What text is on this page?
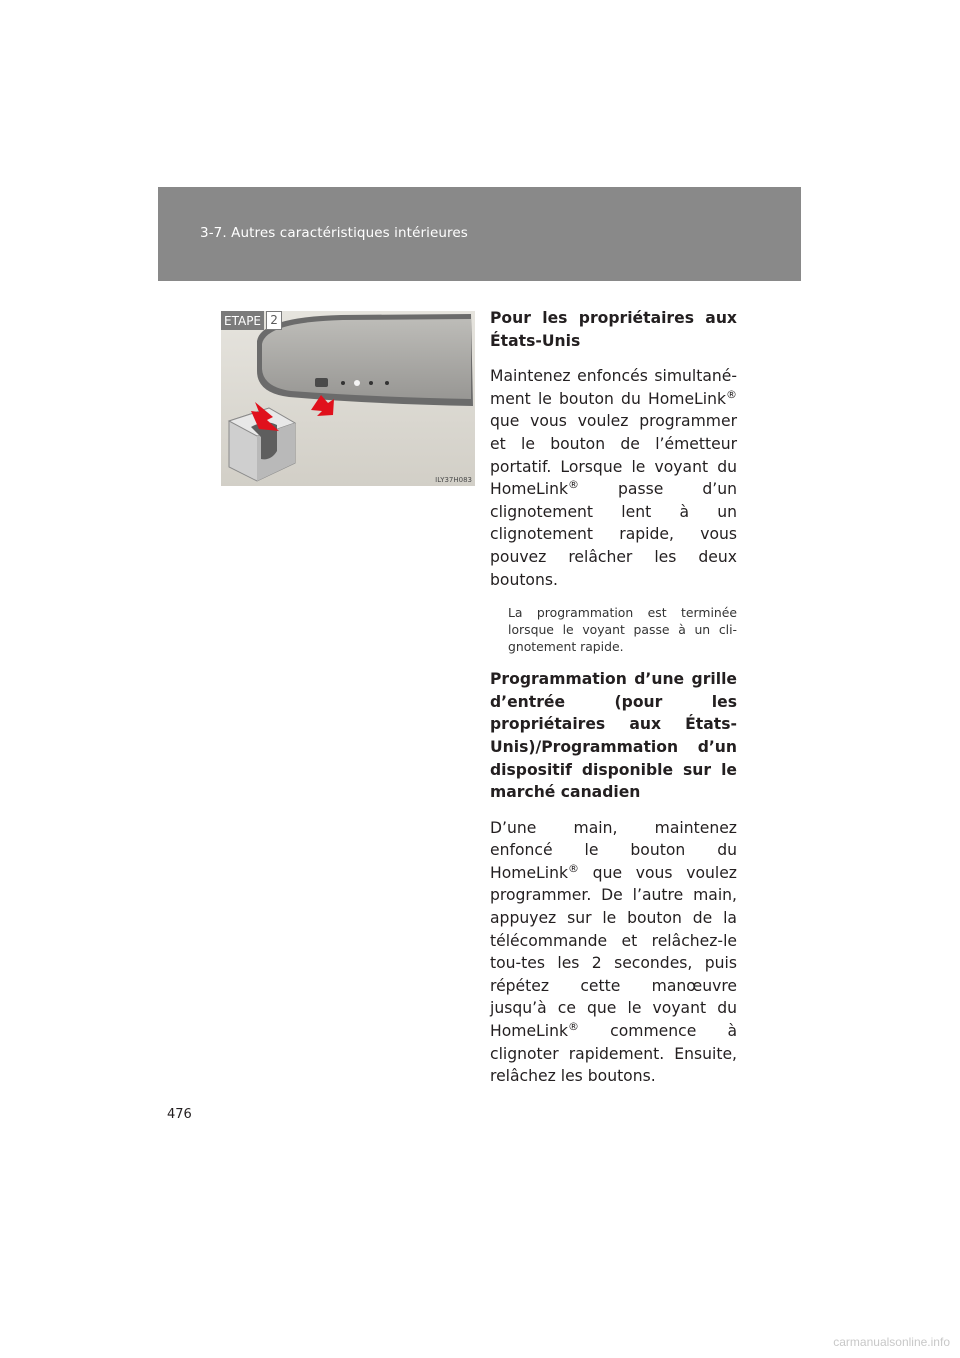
3-7. Autres caractéristiques intérieures
ETAPE 2
ILY37H083

Pour les propriétaires aux États-Unis

Maintenez enfoncés simultané-ment le bouton du HomeLink® que vous voulez programmer et le bouton de l’émetteur portatif. Lorsque le voyant du HomeLink® passe d’un clignotement lent à un clignotement rapide, vous pouvez relâcher les deux boutons.

La programmation est terminée lorsque le voyant passe à un cli-gnotement rapide.

Programmation d’une grille d’entrée (pour les propriétaires aux États-Unis)/Programmation d’un dispositif disponible sur le marché canadien

D’une main, maintenez enfoncé le bouton du HomeLink® que vous voulez programmer. De l’autre main, appuyez sur le bouton de la télécommande et relâchez-le tou-tes les 2 secondes, puis répétez cette manœuvre jusqu’à ce que le voyant du HomeLink® commence à clignoter rapidement. Ensuite, relâchez les boutons.

476
carmanualsonline.info
